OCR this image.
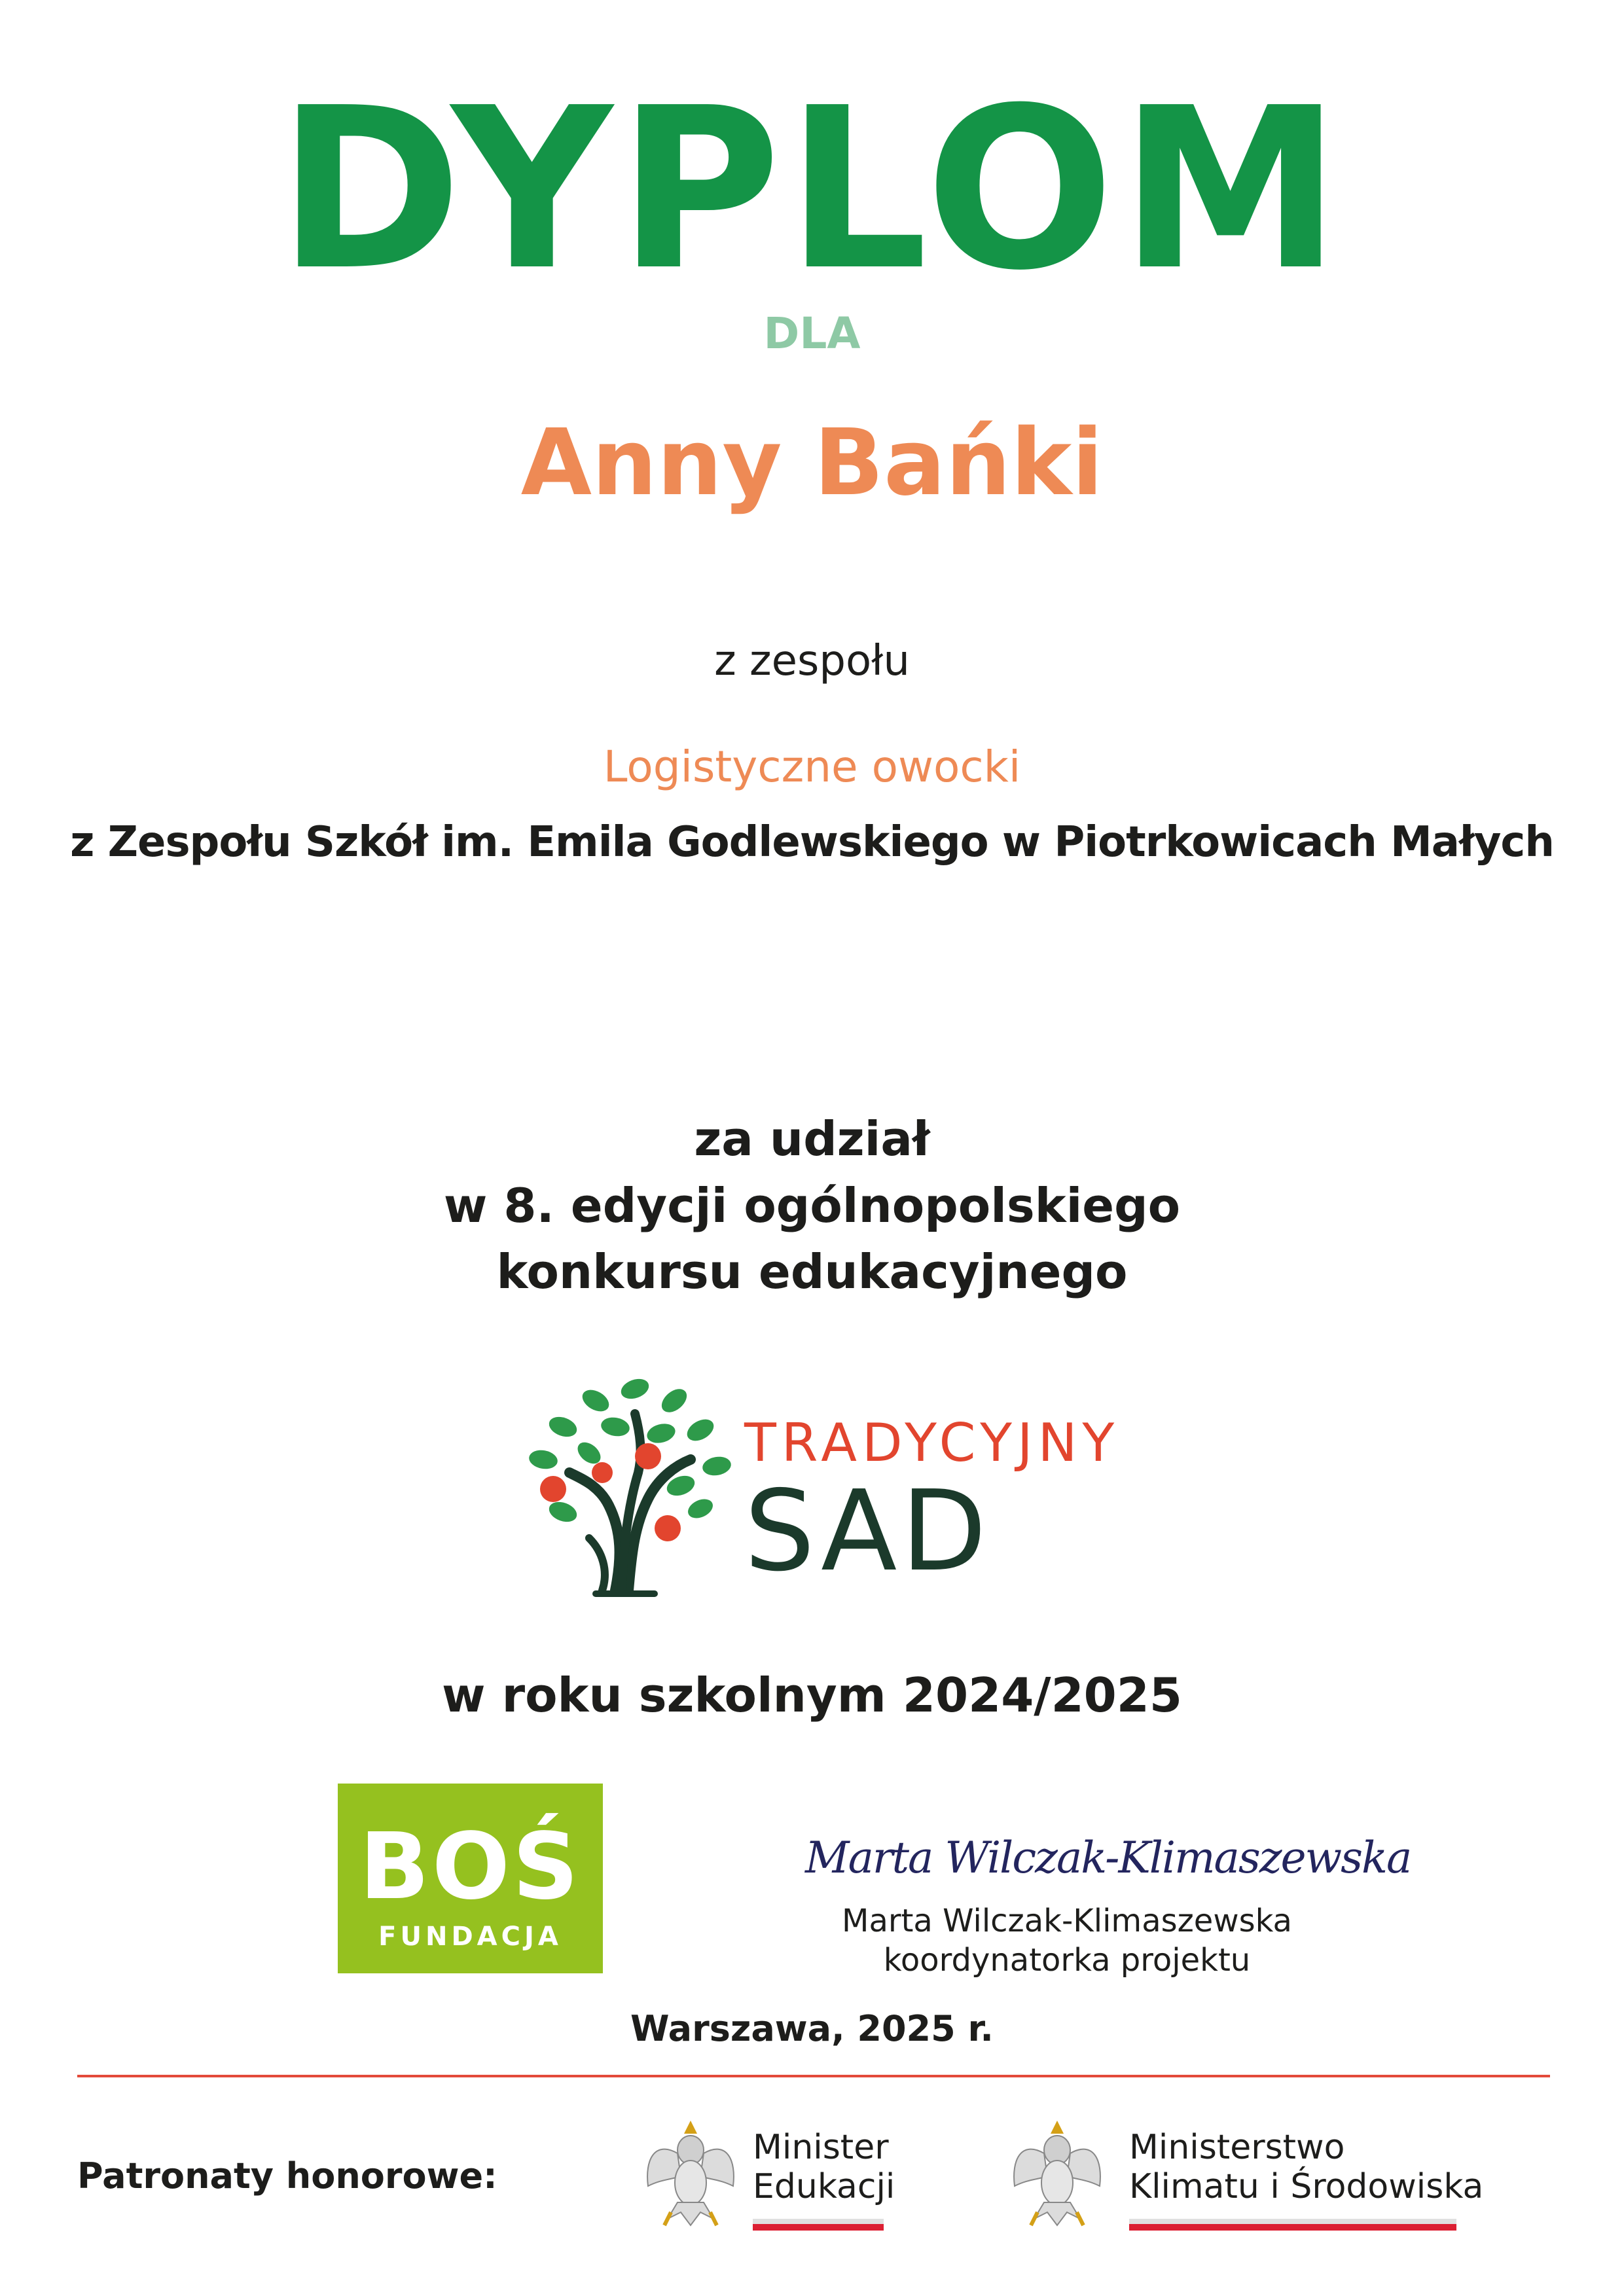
DYPLOM
DLA
Anny Bańki
z zespołu
Logistyczne owocki
z Zespołu Szkół im. Emila Godlewskiego w Piotrkowicach Małych
za udział
w 8. edycji ogólnopolskiego
konkursu edukacyjnego
TRADYCYJNY
SAD
w roku szkolnym 2024/2025
BOŚ
FUNDACJA
Marta Wilczak-Klimaszewska
Marta Wilczak-Klimaszewska
koordynatorka projektu
Warszawa, 2025 r.
Patronaty honorowe:
Minister
Edukacji
Ministerstwo
Klimatu i Środowiska
